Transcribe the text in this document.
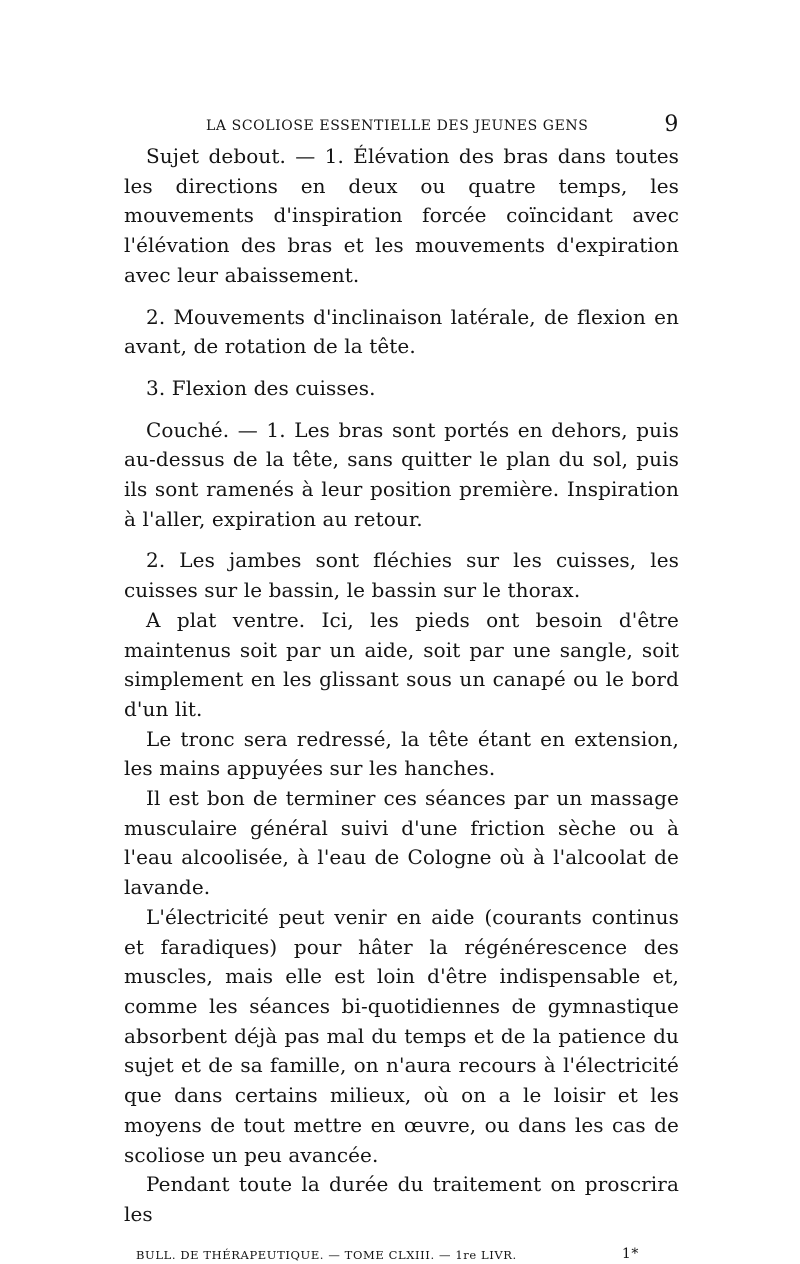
LA SCOLIOSE ESSENTIELLE DES JEUNES GENS	9

Sujet debout. — 1. Élévation des bras dans toutes les directions en deux ou quatre temps, les mouvements d'inspiration forcée coïncidant avec l'élévation des bras et les mouvements d'expiration avec leur abaissement.

2. Mouvements d'inclinaison latérale, de flexion en avant, de rotation de la tête.

3. Flexion des cuisses.

Couché. — 1. Les bras sont portés en dehors, puis au-dessus de la tête, sans quitter le plan du sol, puis ils sont ramenés à leur position première. Inspiration à l'aller, expiration au retour.

2. Les jambes sont fléchies sur les cuisses, les cuisses sur le bassin, le bassin sur le thorax.

A plat ventre. Ici, les pieds ont besoin d'être maintenus soit par un aide, soit par une sangle, soit simplement en les glissant sous un canapé ou le bord d'un lit.

Le tronc sera redressé, la tête étant en extension, les mains appuyées sur les hanches.

Il est bon de terminer ces séances par un massage musculaire général suivi d'une friction sèche ou à l'eau alcoolisée, à l'eau de Cologne où à l'alcoolat de lavande.

L'électricité peut venir en aide (courants continus et faradiques) pour hâter la régénérescence des muscles, mais elle est loin d'être indispensable et, comme les séances bi-quotidiennes de gymnastique absorbent déjà pas mal du temps et de la patience du sujet et de sa famille, on n'aura recours à l'électricité que dans certains milieux, où on a le loisir et les moyens de tout mettre en œuvre, ou dans les cas de scoliose un peu avancée.

Pendant toute la durée du traitement on proscrira les

BULL. DE THÉRAPEUTIQUE. — TOME CLXIII. — 1re LIVR.	1*
